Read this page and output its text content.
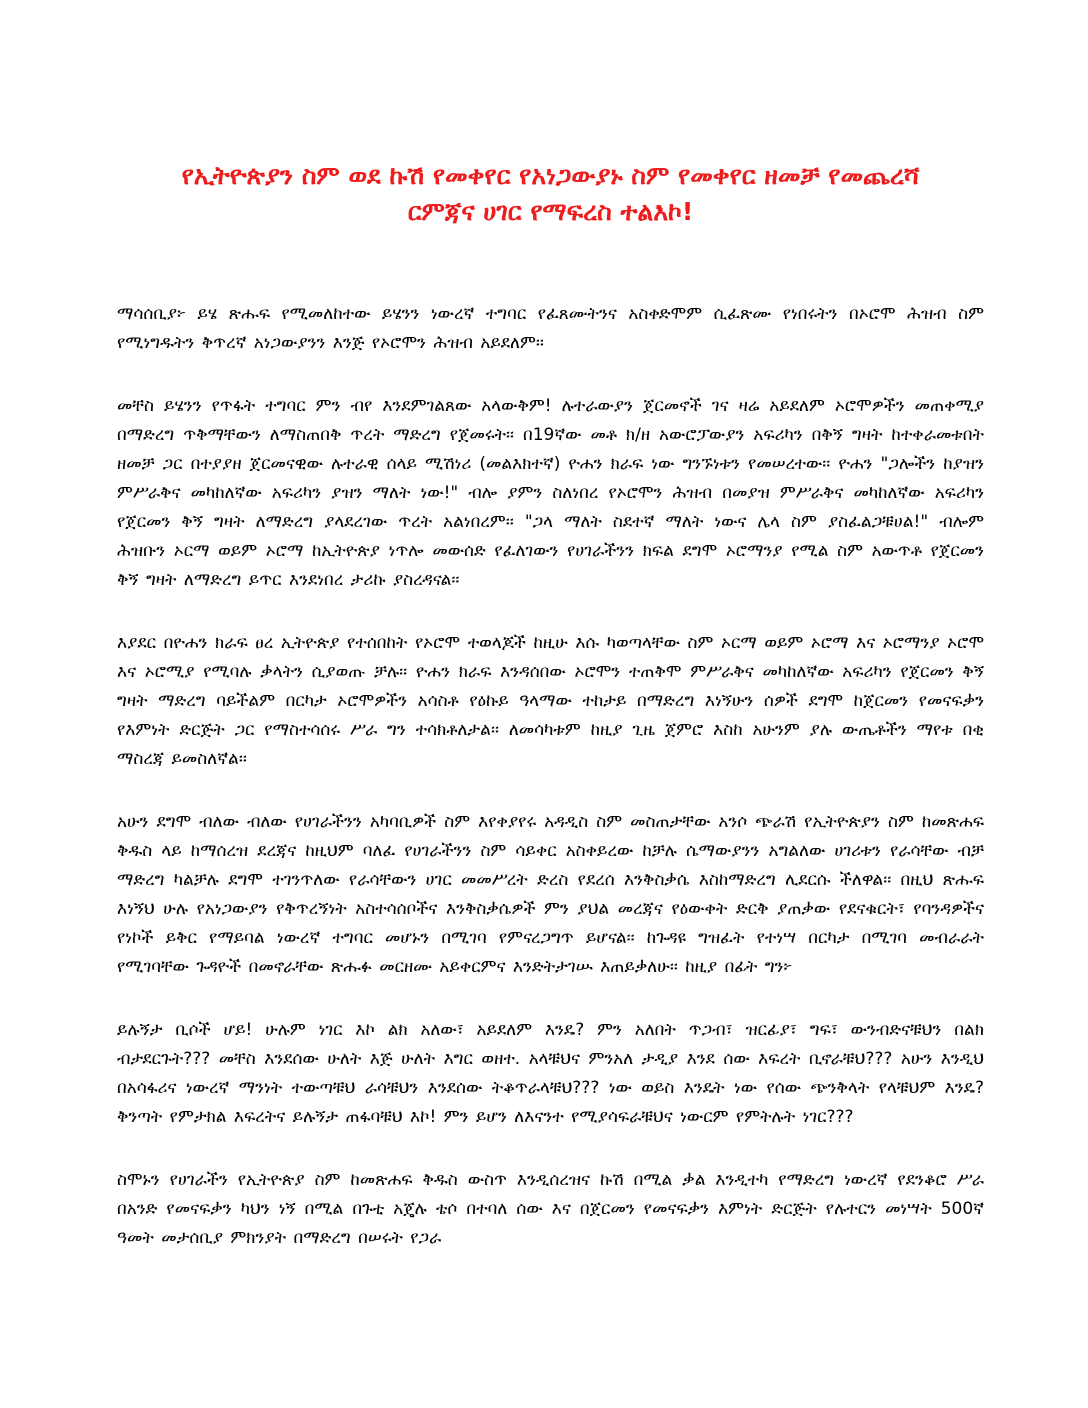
የኢትዮጵያን ስም ወደ ኩሽ የመቀየር የአነጋውያኑ ስም የመቀየር ዘመቻ የመጨረሻ
ርምጃና ሀገር የማፍረስ ተልእኮ!

ማሳሰቢያ፦ ይሄ ጽሑፍ የሚመለከተው ይሄንን ነውረኛ ተግባር የፈጸሙትንና አስቀድሞም ሲፈጽሙ የነበሩትን በኦሮሞ ሕዝብ ስም የሚነግዱትን ቅጥረኛ አነጋውያንን እንጅ የኦሮሞን ሕዝብ አይደለም፡፡

መቸስ ይሄንን የጥፋት ተግባር ምን ብየ እንደምገልጸው አላውቅም! ሉተራውያን ጀርመኖች ገና ዛሬ አይደለም ኦሮሞዎችን መጠቀሚያ በማድረግ ጥቅማቸውን ለማስጠበቅ ጥረት ማድረግ የጀመሩት፡፡ በ19ኛው መቶ ክ/ዘ አውሮፓውያን አፍሪካን በቅኝ ግዛት ከተቀራመቱበት ዘመቻ ጋር በተያያዘ ጀርመናዊው ሉተራዊ ሰላይ ሚሽነሪ (መልእክተኛ) ዮሐን ክራፍ ነው ግንኙነቱን የመሠረተው፡፡ ዮሐን "ጋሎችን ከያዝን ምሥራቅና መካከለኛው አፍሪካን ያዝን ማለት ነው!" ብሎ ያምን ስለነበረ የኦሮሞን ሕዝብ በመያዝ ምሥራቅና መካከለኛው አፍሪካን የጀርመን ቅኝ ግዛት ለማድረግ ያላደረገው ጥረት አልነበረም፡፡ "ጋላ ማለት ስደተኛ ማለት ነውና ሌላ ስም ያስፈልጋቹሀል!" ብሎም ሕዝቡን ኦርማ ወይም ኦሮማ ከኢትዮጵያ ነጥሎ መውሰድ የፈለገውን የሀገራችንን ክፍል ደግሞ ኦሮማንያ የሚል ስም አውጥቶ የጀርመን ቅኝ ግዛት ለማድረግ ይጥር እንደነበረ ታሪኩ ያስረዳናል፡፡

እያደር በዮሐን ክራፍ ፀረ ኢትዮጵያ የተሰበከት የኦሮሞ ተወላጆች ከዚሁ እሱ ካወጣላቸው ስም ኦርማ ወይም ኦሮማ እና ኦሮማንያ ኦሮሞ እና ኦሮሚያ የሚባሉ ቃላትን ሲያወጡ ቻሉ፡፡ ዮሐን ክራፍ እንዳሰበው ኦሮሞን ተጠቅሞ ምሥራቅና መካከለኛው አፍሪካን የጀርመን ቅኝ ግዛት ማድረግ ባይችልም በርካታ ኦሮሞዎችን አሳስቶ የዕኩይ ዓላማው ተከታይ በማድረግ እነኝሁን ሰዎች ደግሞ ከጀርመን የመናፍቃን የእምነት ድርጅት ጋር የማስተሳሰሩ ሥራ ግን ተሳክቶለታል፡፡ ለመሳካቱም ከዚያ ጊዜ ጀምሮ እስከ አሁንም ያሉ ውጤቶችን ማየቱ በቂ ማስረጃ ይመስለኛል፡፡

አሁን ደግሞ ብለው ብለው የሀገራችንን አካባቢዎች ስም እየቀያየሩ አዳዲስ ስም መስጠታቸው አንሶ ጭራሽ የኢትዮጵያን ስም ከመጽሐፍ ቅዱስ ላይ ከማሰረዝ ደረጃና ከዚህም ባለፈ የሀገራችንን ስም ሳይቀር አስቀይረው ከቻሉ ሴማውያንን አግልለው ሀገሪቱን የራሳቸው ብቻ ማድረግ ካልቻሉ ደግሞ ተገንጥለው የራሳቸውን ሀገር መመሥረት ድረስ የደረሰ እንቅስቃሴ እስከማድረግ ሊደርሱ ችለዋል፡፡ በዚህ ጽሑፍ እነኝህ ሁሉ የአነጋውያን የቅጥረኝነት አስተሳሰቦችና እንቅስቃሴዎች ምን ያህል መረጃና የዕውቀት ድርቅ ያጠቃው የደናቁርት፣ የባንዳዎችና የነኮች ይቅር የማይባል ነውረኛ ተግባር መሆኑን በሚገባ የምናረጋግጥ ይሆናል፡፡ ከጉዳዩ ግዝፈት የተነሣ በርካታ በሚገባ መብራራት የሚገባቸው ጉዳዮች በመኖራቸው ጽሑፉ መርዘሙ አይቀርምና እንድትታገሡ እጠይቃለሁ፡፡ ከዚያ በፊት ግን፦

ይሉኝታ ቢሶች ሆይ! ሁሉም ነገር እኮ ልክ አለው፣ አይደለም እንዴ? ምን አለበት ጥጋብ፣ ዝርፊያ፣ ግፍ፣ ውንብድናቹህን በልክ ብታደርጉት??? መቸስ እንደሰው ሁለት እጅ ሁለት እግር ወዘተ. አላቹህና ምንአለ ታዲያ እንደ ሰው እፍረት ቢኖራቹህ??? አሁን እንዲህ በአሳፋሪና ነውረኛ ማንነት ተውጣቹህ ራሳቹህን እንደሰው ትቆጥራላቹህ??? ነው ወይስ እንዴት ነው የሰው ጭንቅላት የላቹህም እንዴ? ቅንጣት የምታክል እፍረትና ይሉኝታ ጠፋባቹህ እኮ! ምን ይሆን ለእናንተ የሚያሳፍራቹህና ነውርም የምትሉት ነገር???

ስሞኑን የሀገራችን የኢትዮጵያ ስም ከመጽሐፍ ቅዱስ ውስጥ እንዲሰረዝና ኩሽ በሚል ቃል እንዲተካ የማድረግ ነውረኛ የደንቆሮ ሥራ በአንድ የመናፍቃን ካህን ነኝ በሚል በጉቲ አጄሉ ቴሶ በተባለ ሰው እና በጀርመን የመናፍቃን እምነት ድርጅት የሉተርን መነሣት 500ኛ ዓመት መታሰቢያ ምክንያት በማድረግ በሠሩት የጋራ
